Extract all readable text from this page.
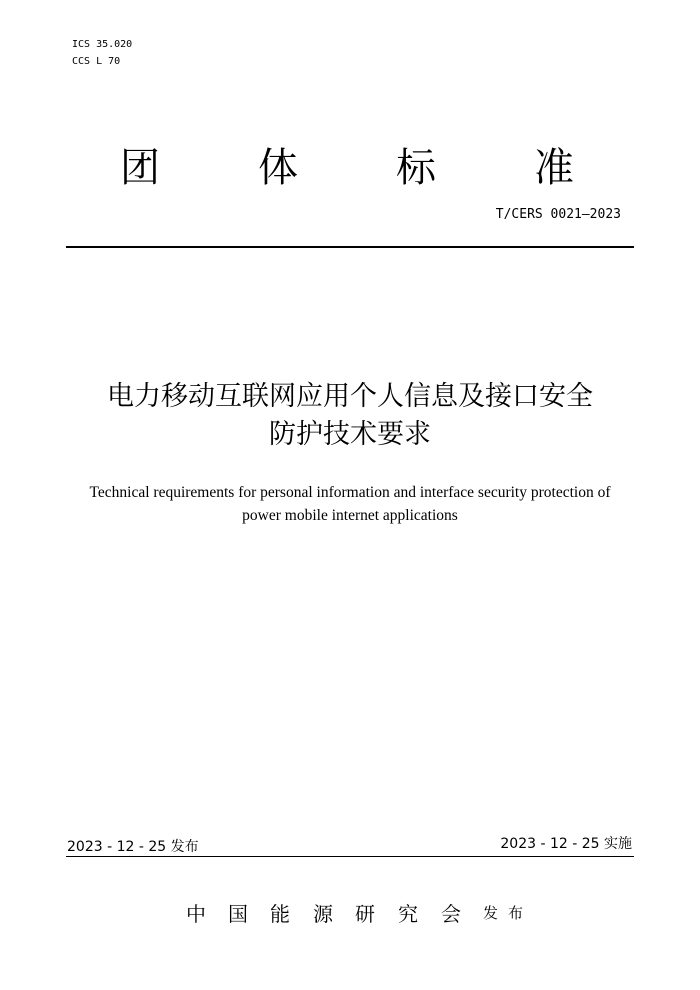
ICS 35.020
CCS L 70
团 体 标 准
T/CERS 0021—2023
电力移动互联网应用个人信息及接口安全
防护技术要求
Technical requirements for personal information and interface security protection of
power mobile internet applications
2023 - 12 - 25 发布	2023 - 12 - 25 实施
中 国 能 源 研 究 会 发 布
